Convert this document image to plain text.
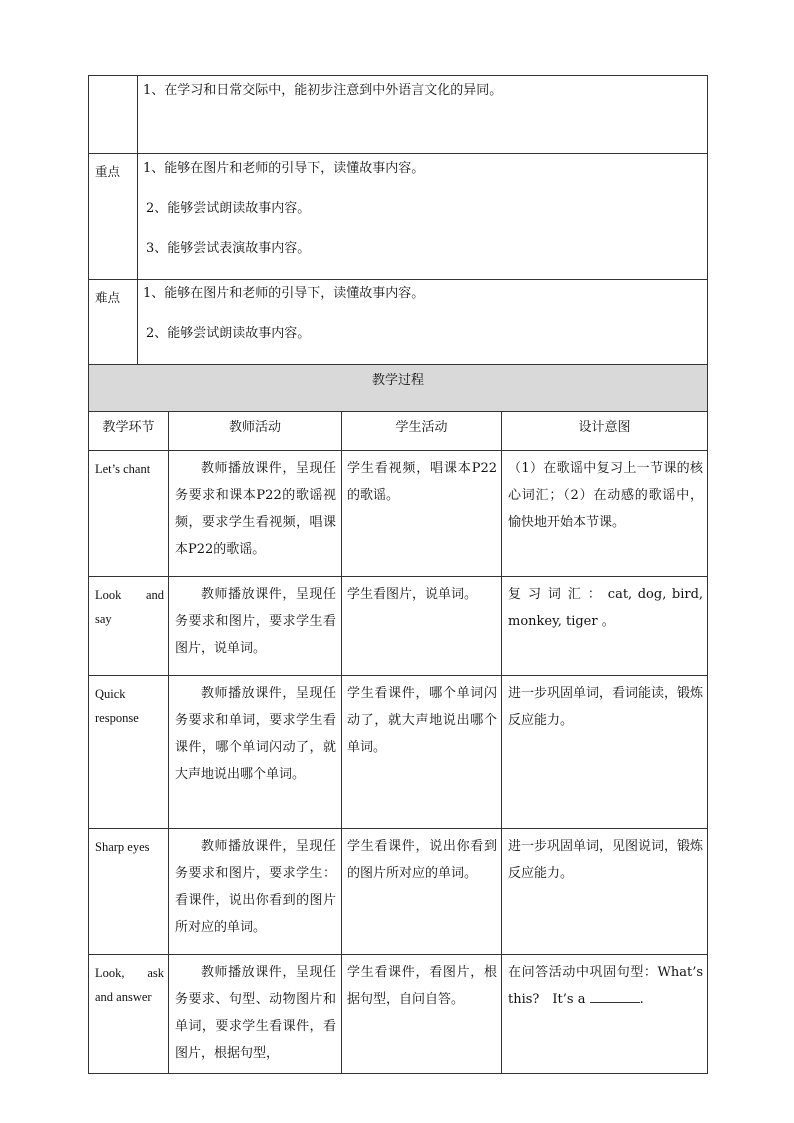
	1、在学习和日常交际中，能初步注意到中外语言文化的异同。			

重点	1、能够在图片和老师的引导下，读懂故事内容。

2、能够尝试朗读故事内容。

3、能够尝试表演故事内容。			

难点	1、能够在图片和老师的引导下，读懂故事内容。

2、能够尝试朗读故事内容。			

教学过程				
教学环节		教师活动	学生活动	设计意图
Let’s chant		教师播放课件，呈现任务要求和课本P22的歌谣视频，要求学生看视频，唱课本P22的歌谣。	学生看视频，唱课本P22的歌谣。	（1）在歌谣中复习上一节课的核心词汇；（2）在动感的歌谣中，愉快地开始本节课。

Look and
say		教师播放课件，呈现任务要求和图片，要求学生看图片，说单词。	学生看图片，说单词。	复 习 词 汇 ： cat, dog, bird, monkey, tiger 。

Quick
response		教师播放课件，呈现任务要求和单词，要求学生看课件，哪个单词闪动了，就大声地说出哪个单词。	学生看课件，哪个单词闪动了，就大声地说出哪个单词。	进一步巩固单词，看词能读，锻炼反应能力。
Sharp eyes		教师播放课件，呈现任务要求和图片，要求学生：看课件，说出你看到的图片所对应的单词。	学生看课件，说出你看到的图片所对应的单词。	进一步巩固单词，见图说词，锻炼反应能力。

Look, ask
and answer		教师播放课件，呈现任务要求、句型、动物图片和单词，要求学生看课件，看图片，根据句型，	学生看课件，看图片，根据句型，自问自答。	在问答活动中巩固句型：What’s this?　It’s a .
